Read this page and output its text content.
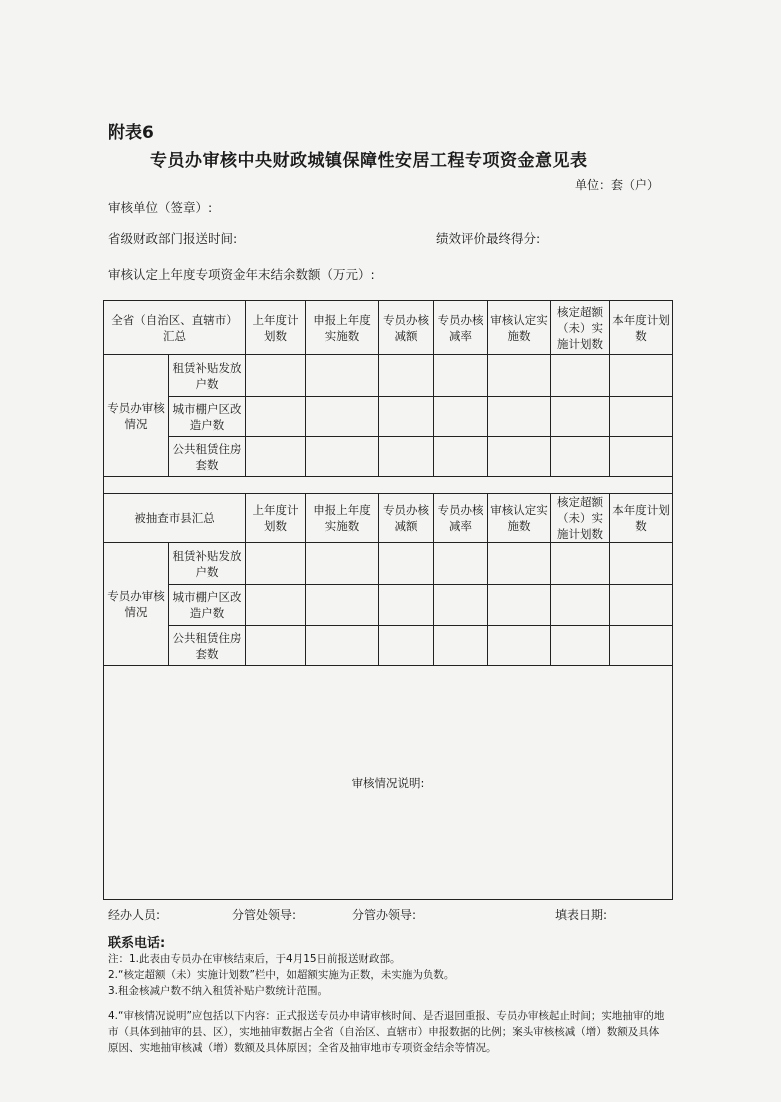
附表6
专员办审核中央财政城镇保障性安居工程专项资金意见表
单位：套（户）
审核单位（签章）:
省级财政部门报送时间:	绩效评价最终得分:
审核认定上年度专项资金年末结余数额（万元）:
全省（自治区、直辖市）汇总		上年度计划数	申报上年度实施数	专员办核减额	专员办核减率	审核认定实施数	核定超额（未）实施计划数	本年度计划数
专员办审核情况	租赁补贴发放户数							
	城市棚户区改造户数							
	公共租赁住房套数							

被抽查市县汇总		上年度计划数	申报上年度实施数	专员办核减额	专员办核减率	审核认定实施数	核定超额（未）实施计划数	本年度计划数
专员办审核情况	租赁补贴发放户数							
	城市棚户区改造户数							
	公共租赁住房套数							
审核情况说明:								
经办人员:	分管处领导:	分管办领导:	填表日期:
联系电话:
注：1.此表由专员办在审核结束后，于4月15日前报送财政部。
2.“核定超额（未）实施计划数”栏中，如超额实施为正数，未实施为负数。
3.租金核减户数不纳入租赁补贴户数统计范围。
4.“审核情况说明”应包括以下内容：正式报送专员办申请审核时间、是否退回重报、专员办审核起止时间；实地抽审的地市（具体到抽审的县、区），实地抽审数据占全省（自治区、直辖市）申报数据的比例；案头审核核减（增）数额及具体原因、实地抽审核减（增）数额及具体原因；全省及抽审地市专项资金结余等情况。
